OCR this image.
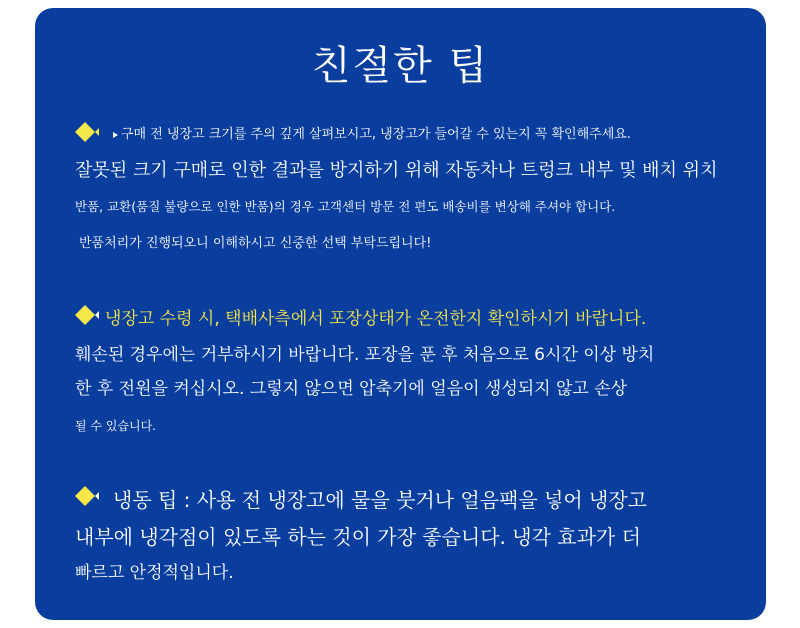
친절한 팁
구매 전 냉장고 크기를 주의 깊게 살펴보시고, 냉장고가 들어갈 수 있는지 꼭 확인해주세요.
잘못된 크기 구매로 인한 결과를 방지하기 위해 자동차나 트렁크 내부 및 배치 위치
반품, 교환(품질 불량으로 인한 반품)의 경우 고객센터 방문 전 편도 배송비를 변상해 주셔야 합니다.
반품처리가 진행되오니 이해하시고 신중한 선택 부탁드립니다!
냉장고 수령 시, 택배사측에서 포장상태가 온전한지 확인하시기 바랍니다.
훼손된 경우에는 거부하시기 바랍니다. 포장을 푼 후 처음으로 6시간 이상 방치
한 후 전원을 켜십시오. 그렇지 않으면 압축기에 얼음이 생성되지 않고 손상
될 수 있습니다.
냉동 팁 : 사용 전 냉장고에 물을 붓거나 얼음팩을 넣어 냉장고
내부에 냉각점이 있도록 하는 것이 가장 좋습니다. 냉각 효과가 더
빠르고 안정적입니다.
